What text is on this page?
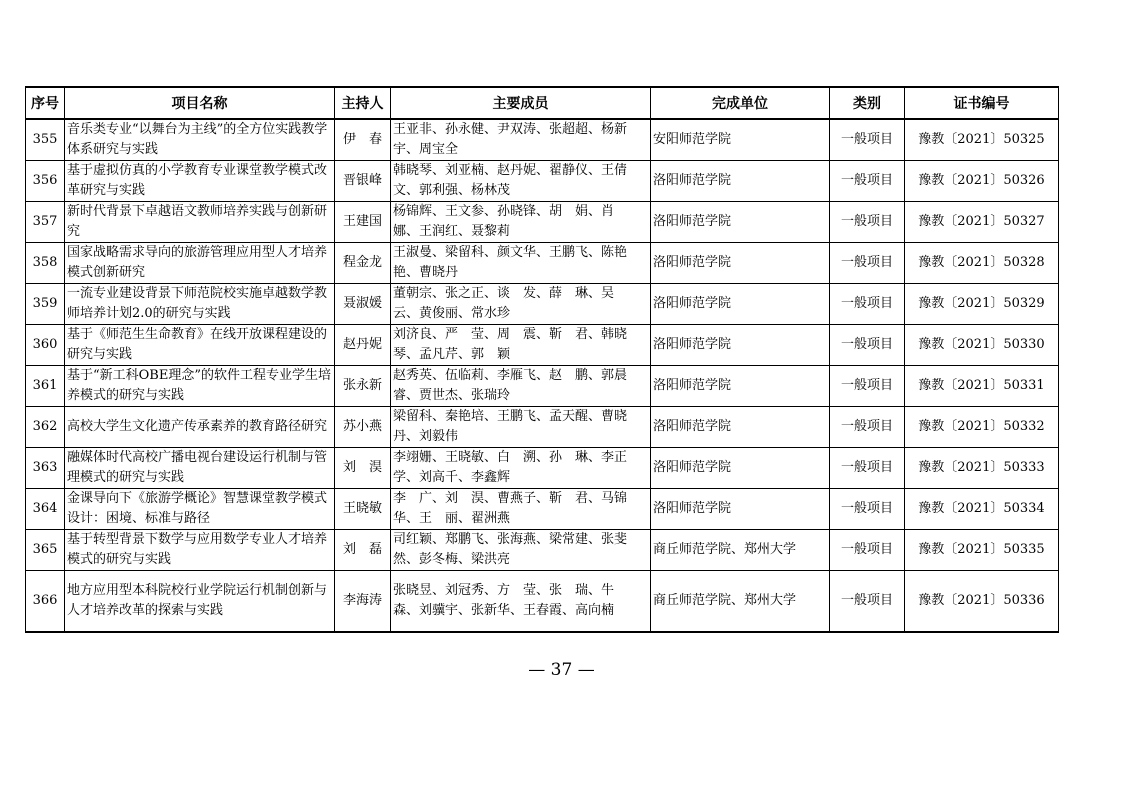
序号	项目名称	主持人	主要成员	完成单位	类别	证书编号
355	音乐类专业“以舞台为主线”的全方位实践教学体系研究与实践	伊　春	王亚非、孙永健、尹双涛、张超超、杨新宇、周宝全	安阳师范学院	一般项目	豫教〔2021〕50325
356	基于虚拟仿真的小学教育专业课堂教学模式改革研究与实践	晋银峰	韩晓琴、刘亚楠、赵丹妮、翟静仪、王倩文、郭利强、杨林茂	洛阳师范学院	一般项目	豫教〔2021〕50326
357	新时代背景下卓越语文教师培养实践与创新研究	王建国	杨锦辉、王文参、孙晓锋、胡　娟、肖　娜、王润红、聂黎莉	洛阳师范学院	一般项目	豫教〔2021〕50327
358	国家战略需求导向的旅游管理应用型人才培养模式创新研究	程金龙	王淑曼、梁留科、颜文华、王鹏飞、陈艳艳、曹晓丹	洛阳师范学院	一般项目	豫教〔2021〕50328
359	一流专业建设背景下师范院校实施卓越数学教师培养计划2.0的研究与实践	聂淑媛	董朝宗、张之正、谈　发、薛　琳、吴　云、黄俊丽、常水珍	洛阳师范学院	一般项目	豫教〔2021〕50329
360	基于《师范生生命教育》在线开放课程建设的研究与实践	赵丹妮	刘济良、严　莹、周　震、靳　君、韩晓琴、孟凡芹、郭　颖	洛阳师范学院	一般项目	豫教〔2021〕50330
361	基于“新工科OBE理念”的软件工程专业学生培养模式的研究与实践	张永新	赵秀英、伍临莉、李雁飞、赵　鹏、郭晨睿、贾世杰、张瑞玲	洛阳师范学院	一般项目	豫教〔2021〕50331
362	高校大学生文化遗产传承素养的教育路径研究	苏小燕	梁留科、秦艳培、王鹏飞、孟天醒、曹晓丹、刘毅伟	洛阳师范学院	一般项目	豫教〔2021〕50332
363	融媒体时代高校广播电视台建设运行机制与管理模式的研究与实践	刘　淏	李翊姗、王晓敏、白　溯、孙　琳、李正学、刘高千、李鑫辉	洛阳师范学院	一般项目	豫教〔2021〕50333
364	金课导向下《旅游学概论》智慧课堂教学模式设计：困境、标准与路径	王晓敏	李　广、刘　淏、曹燕子、靳　君、马锦华、王　丽、翟洲燕	洛阳师范学院	一般项目	豫教〔2021〕50334
365	基于转型背景下数学与应用数学专业人才培养模式的研究与实践	刘　磊	司红颖、郑鹏飞、张海燕、梁常建、张斐然、彭冬梅、梁洪亮	商丘师范学院、郑州大学	一般项目	豫教〔2021〕50335
366	地方应用型本科院校行业学院运行机制创新与人才培养改革的探索与实践	李海涛	张晓昱、刘冠秀、方　莹、张　瑞、牛　森、刘骥宇、张新华、王春霞、高向楠	商丘师范学院、郑州大学	一般项目	豫教〔2021〕50336
— 37 —
